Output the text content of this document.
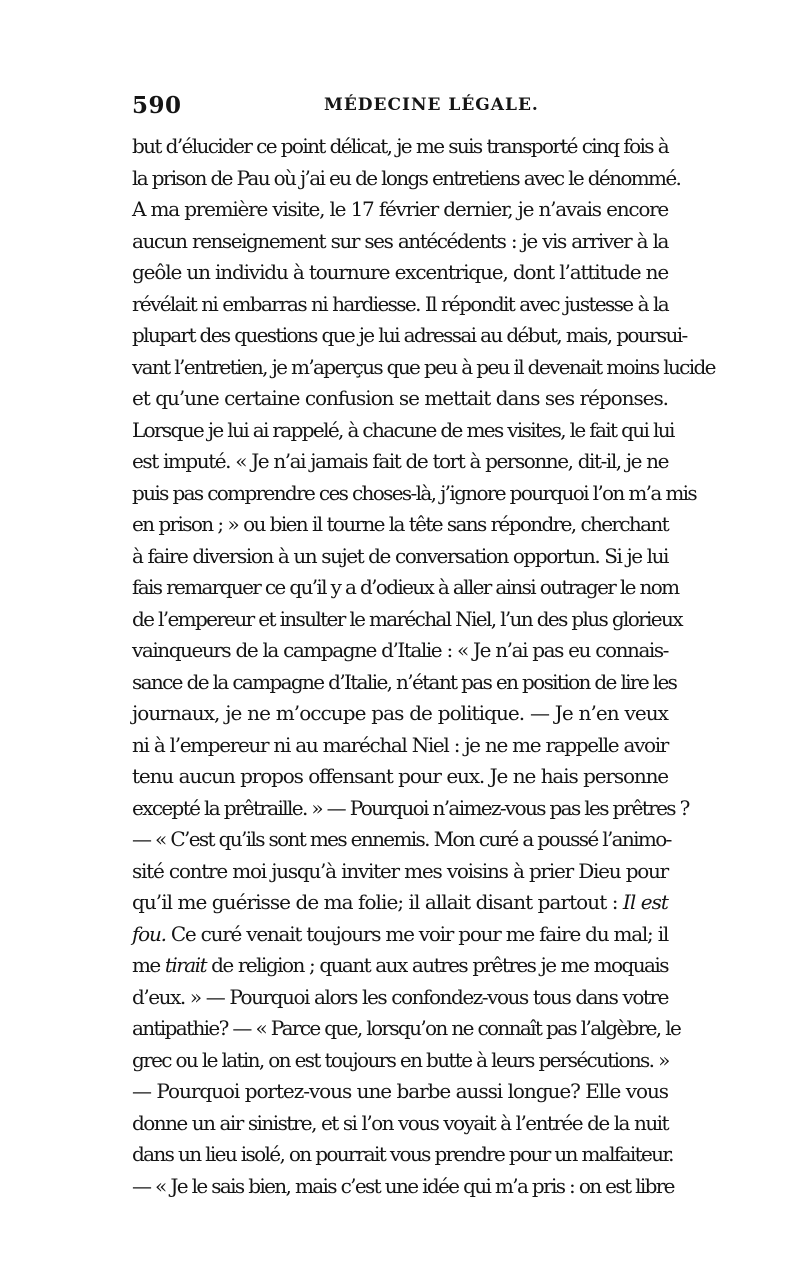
590	MÉDECINE LÉGALE.
but d’élucider ce point délicat, je me suis transporté cinq fois à
la prison de Pau où j’ai eu de longs entretiens avec le dénommé.
A ma première visite, le 17 février dernier, je n’avais encore
aucun renseignement sur ses antécédents : je vis arriver à la
geôle un individu à tournure excentrique, dont l’attitude ne
révélait ni embarras ni hardiesse. Il répondit avec justesse à la
plupart des questions que je lui adressai au début, mais, poursui-
vant l’entretien, je m’aperçus que peu à peu il devenait moins lucide
et qu’une certaine confusion se mettait dans ses réponses.
Lorsque je lui ai rappelé, à chacune de mes visites, le fait qui lui
est imputé. « Je n’ai jamais fait de tort à personne, dit-il, je ne
puis pas comprendre ces choses-là, j’ignore pourquoi l’on m’a mis
en prison ; » ou bien il tourne la tête sans répondre, cherchant
à faire diversion à un sujet de conversation opportun. Si je lui
fais remarquer ce qu’il y a d’odieux à aller ainsi outrager le nom
de l’empereur et insulter le maréchal Niel, l’un des plus glorieux
vainqueurs de la campagne d’Italie : « Je n’ai pas eu connais-
sance de la campagne d’Italie, n’étant pas en position de lire les
journaux, je ne m’occupe pas de politique. — Je n’en veux
ni à l’empereur ni au maréchal Niel : je ne me rappelle avoir
tenu aucun propos offensant pour eux. Je ne hais personne
excepté la prêtraille. » — Pourquoi n’aimez-vous pas les prêtres ?
— « C’est qu’ils sont mes ennemis. Mon curé a poussé l’animo-
sité contre moi jusqu’à inviter mes voisins à prier Dieu pour
qu’il me guérisse de ma folie; il allait disant partout : Il est
fou. Ce curé venait toujours me voir pour me faire du mal; il
me tirait de religion ; quant aux autres prêtres je me moquais
d’eux. » — Pourquoi alors les confondez-vous tous dans votre
antipathie? — « Parce que, lorsqu’on ne connaît pas l’algèbre, le
grec ou le latin, on est toujours en butte à leurs persécutions. »
— Pourquoi portez-vous une barbe aussi longue? Elle vous
donne un air sinistre, et si l’on vous voyait à l’entrée de la nuit
dans un lieu isolé, on pourrait vous prendre pour un malfaiteur.
— « Je le sais bien, mais c’est une idée qui m’a pris : on est libre
